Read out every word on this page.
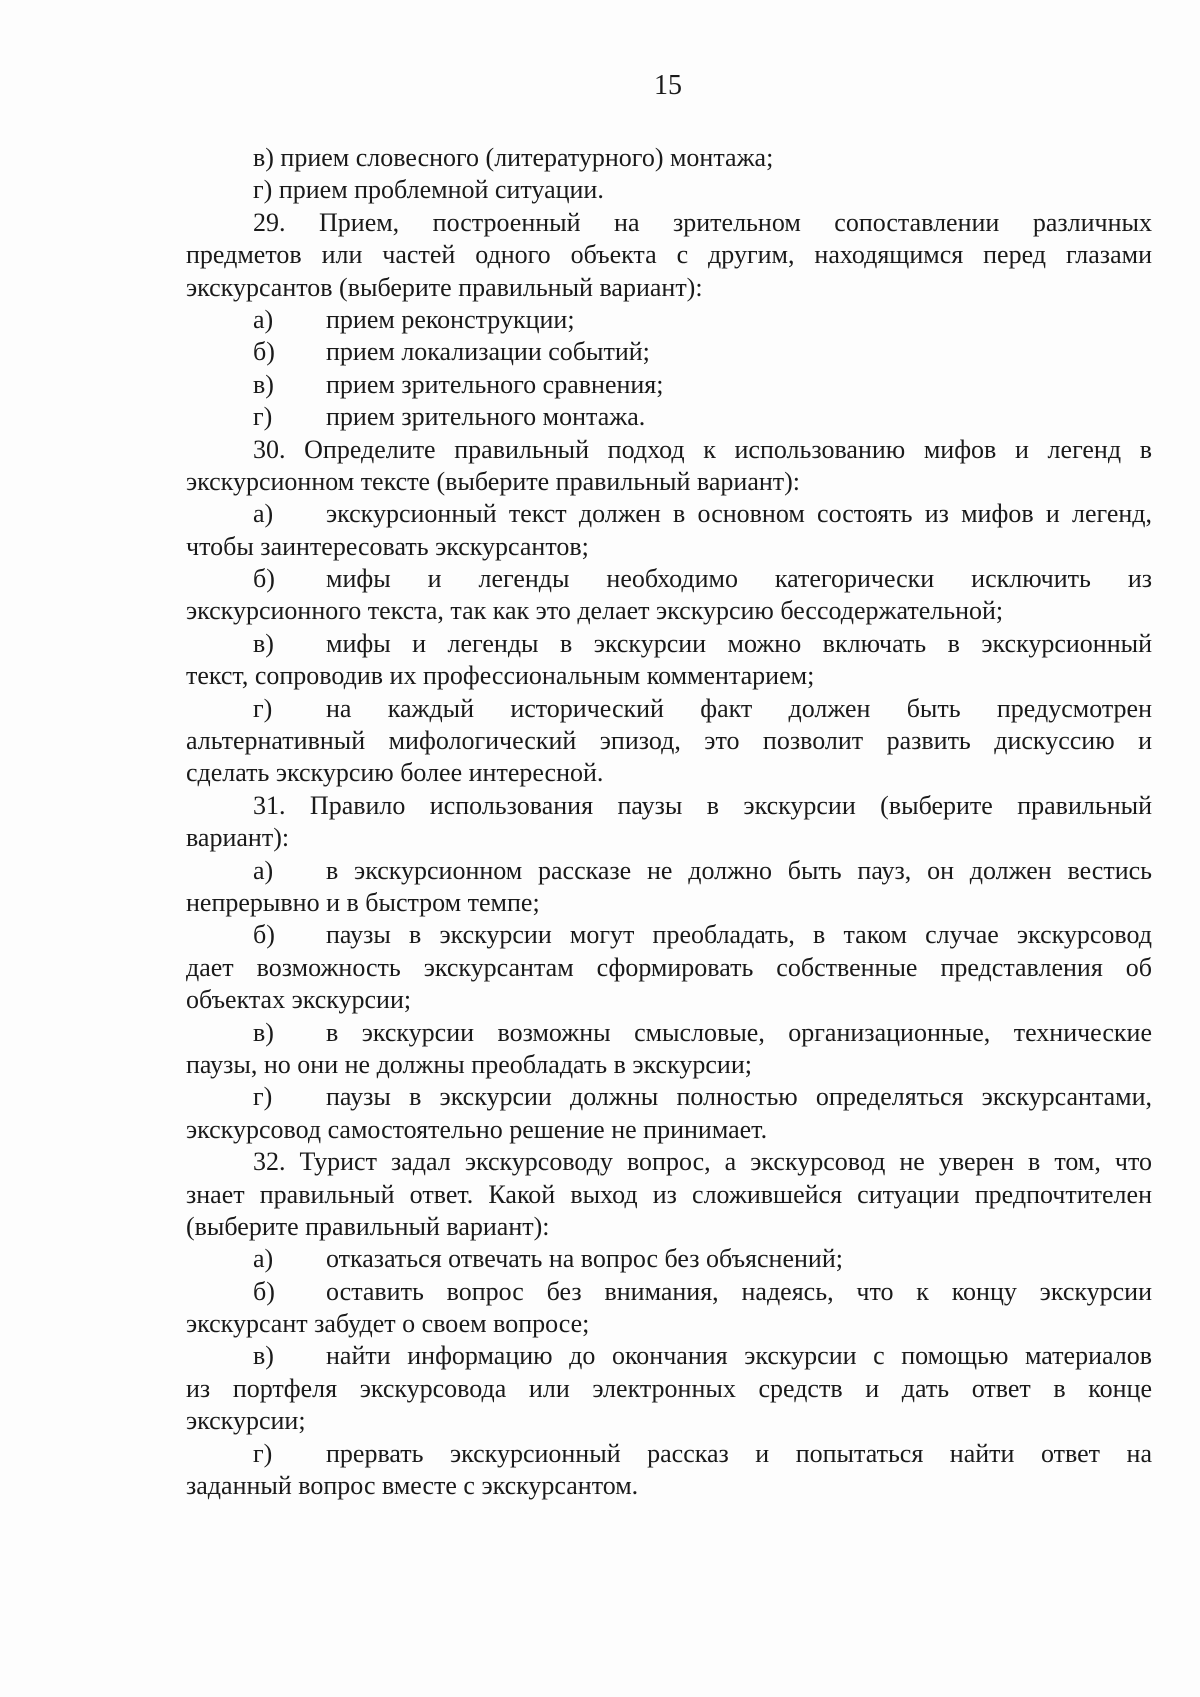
15
в) прием словесного (литературного) монтажа;
г) прием проблемной ситуации.
29. Прием, построенный на зрительном сопоставлении различных
предметов или частей одного объекта с другим, находящимся перед глазами
экскурсантов (выберите правильный вариант):
а)	прием реконструкции;
б)	прием локализации событий;
в)	прием зрительного сравнения;
г)	прием зрительного монтажа.
30. Определите правильный подход к использованию мифов и легенд в
экскурсионном тексте (выберите правильный вариант):
а)	экскурсионный текст должен в основном состоять из мифов и легенд,
чтобы заинтересовать экскурсантов;
б)	мифы и легенды необходимо категорически исключить из
экскурсионного текста, так как это делает экскурсию бессодержательной;
в)	мифы и легенды в экскурсии можно включать в экскурсионный
текст, сопроводив их профессиональным комментарием;
г)	на каждый исторический факт должен быть предусмотрен
альтернативный мифологический эпизод, это позволит развить дискуссию и
сделать экскурсию более интересной.
31. Правило использования паузы в экскурсии (выберите правильный
вариант):
а)	в экскурсионном рассказе не должно быть пауз, он должен вестись
непрерывно и в быстром темпе;
б)	паузы в экскурсии могут преобладать, в таком случае экскурсовод
дает возможность экскурсантам сформировать собственные представления об
объектах экскурсии;
в)	в экскурсии возможны смысловые, организационные, технические
паузы, но они не должны преобладать в экскурсии;
г)	паузы в экскурсии должны полностью определяться экскурсантами,
экскурсовод самостоятельно решение не принимает.
32. Турист задал экскурсоводу вопрос, а экскурсовод не уверен в том, что
знает правильный ответ. Какой выход из сложившейся ситуации предпочтителен
(выберите правильный вариант):
а)	отказаться отвечать на вопрос без объяснений;
б)	оставить вопрос без внимания, надеясь, что к концу экскурсии
экскурсант забудет о своем вопросе;
в)	найти информацию до окончания экскурсии с помощью материалов
из портфеля экскурсовода или электронных средств и дать ответ в конце
экскурсии;
г)	прервать экскурсионный рассказ и попытаться найти ответ на
заданный вопрос вместе с экскурсантом.
